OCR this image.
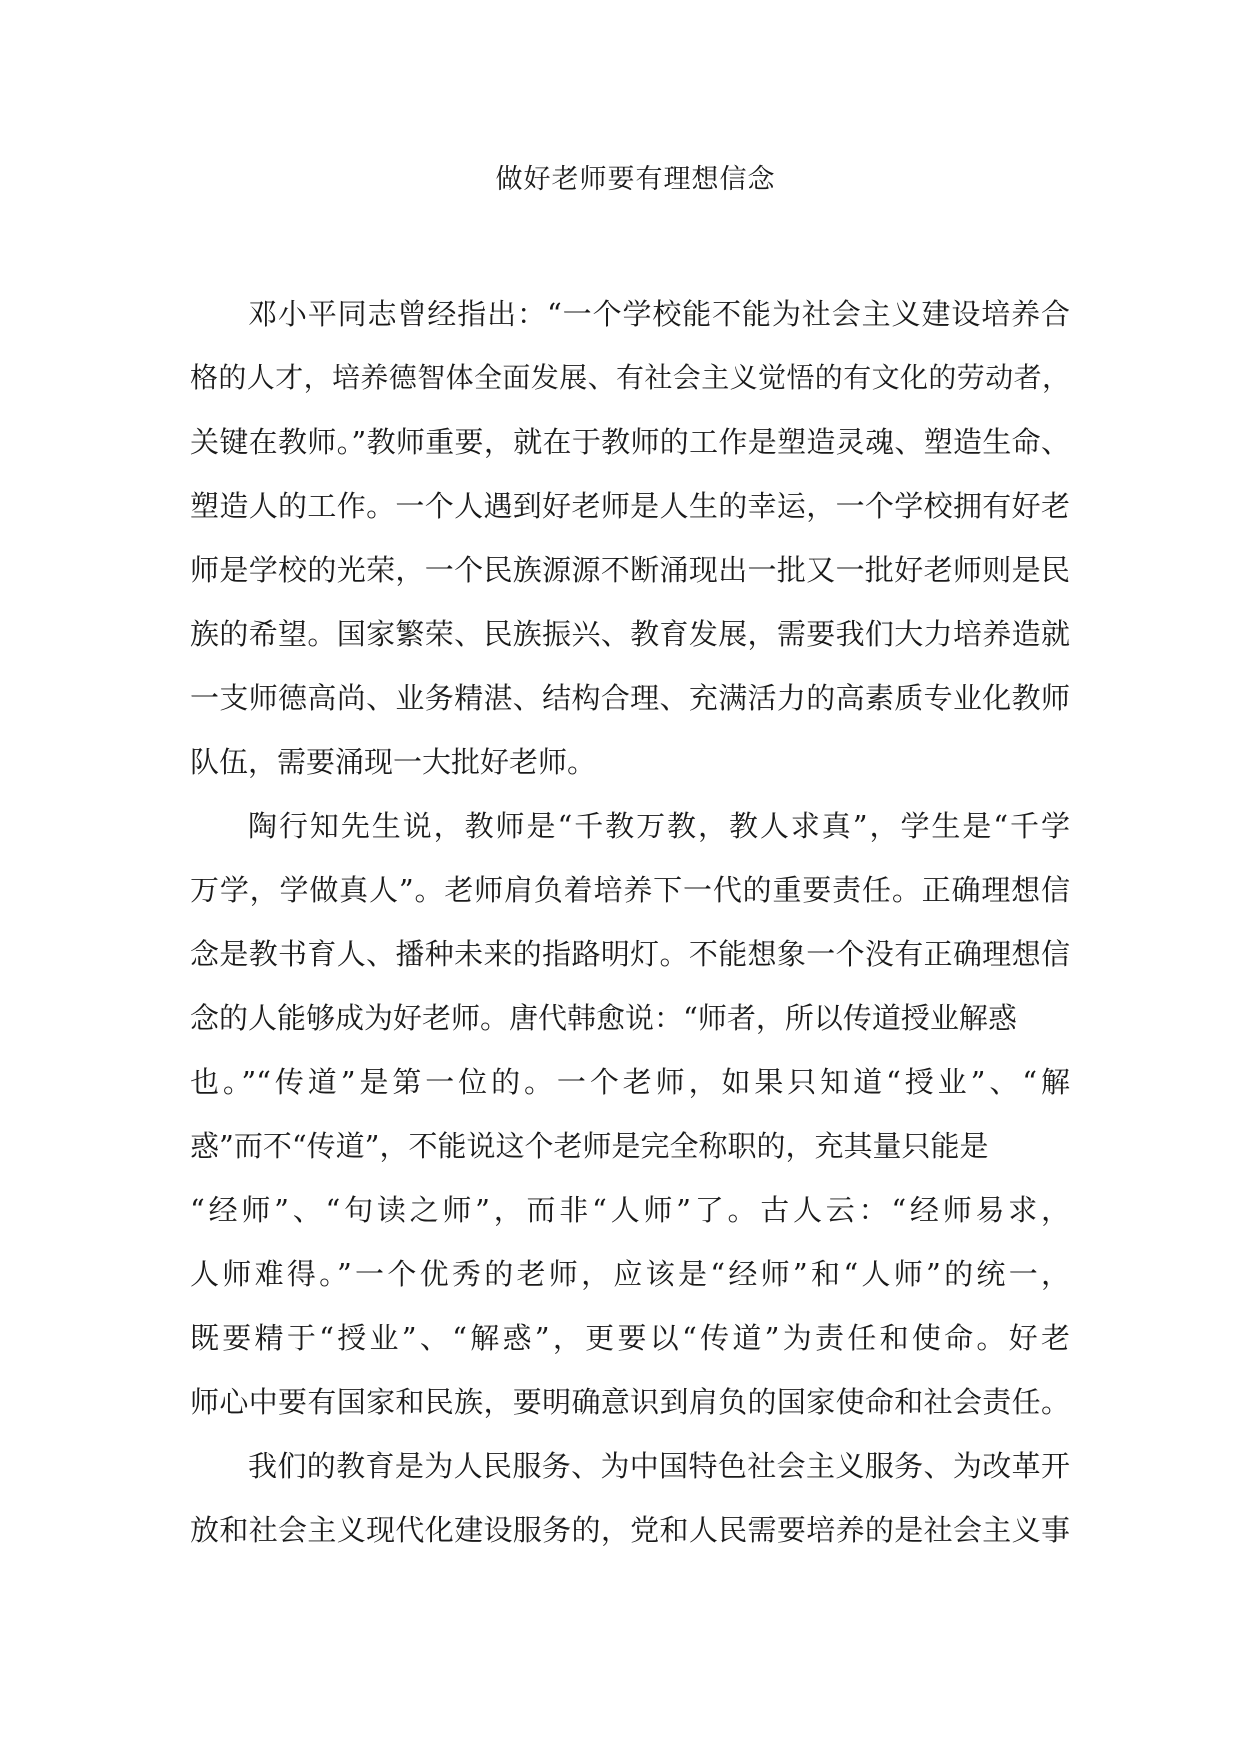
做好老师要有理想信念
邓小平同志曾经指出：“一个学校能不能为社会主义建设培养合
格的人才，培养德智体全面发展、有社会主义觉悟的有文化的劳动者，
关键在教师。”教师重要，就在于教师的工作是塑造灵魂、塑造生命、
塑造人的工作。一个人遇到好老师是人生的幸运，一个学校拥有好老
师是学校的光荣，一个民族源源不断涌现出一批又一批好老师则是民
族的希望。国家繁荣、民族振兴、教育发展，需要我们大力培养造就
一支师德高尚、业务精湛、结构合理、充满活力的高素质专业化教师
队伍，需要涌现一大批好老师。
陶行知先生说，教师是“千教万教，教人求真”，学生是“千学
万学，学做真人”。老师肩负着培养下一代的重要责任。正确理想信
念是教书育人、播种未来的指路明灯。不能想象一个没有正确理想信
念的人能够成为好老师。唐代韩愈说：“师者，所以传道授业解惑
也。”“传道”是第一位的。一个老师，如果只知道“授业”、“解
惑”而不“传道”，不能说这个老师是完全称职的，充其量只能是
“经师”、“句读之师”，而非“人师”了。古人云：“经师易求，
人师难得。”一个优秀的老师，应该是“经师”和“人师”的统一，
既要精于“授业”、“解惑”，更要以“传道”为责任和使命。好老
师心中要有国家和民族，要明确意识到肩负的国家使命和社会责任。
我们的教育是为人民服务、为中国特色社会主义服务、为改革开
放和社会主义现代化建设服务的，党和人民需要培养的是社会主义事
